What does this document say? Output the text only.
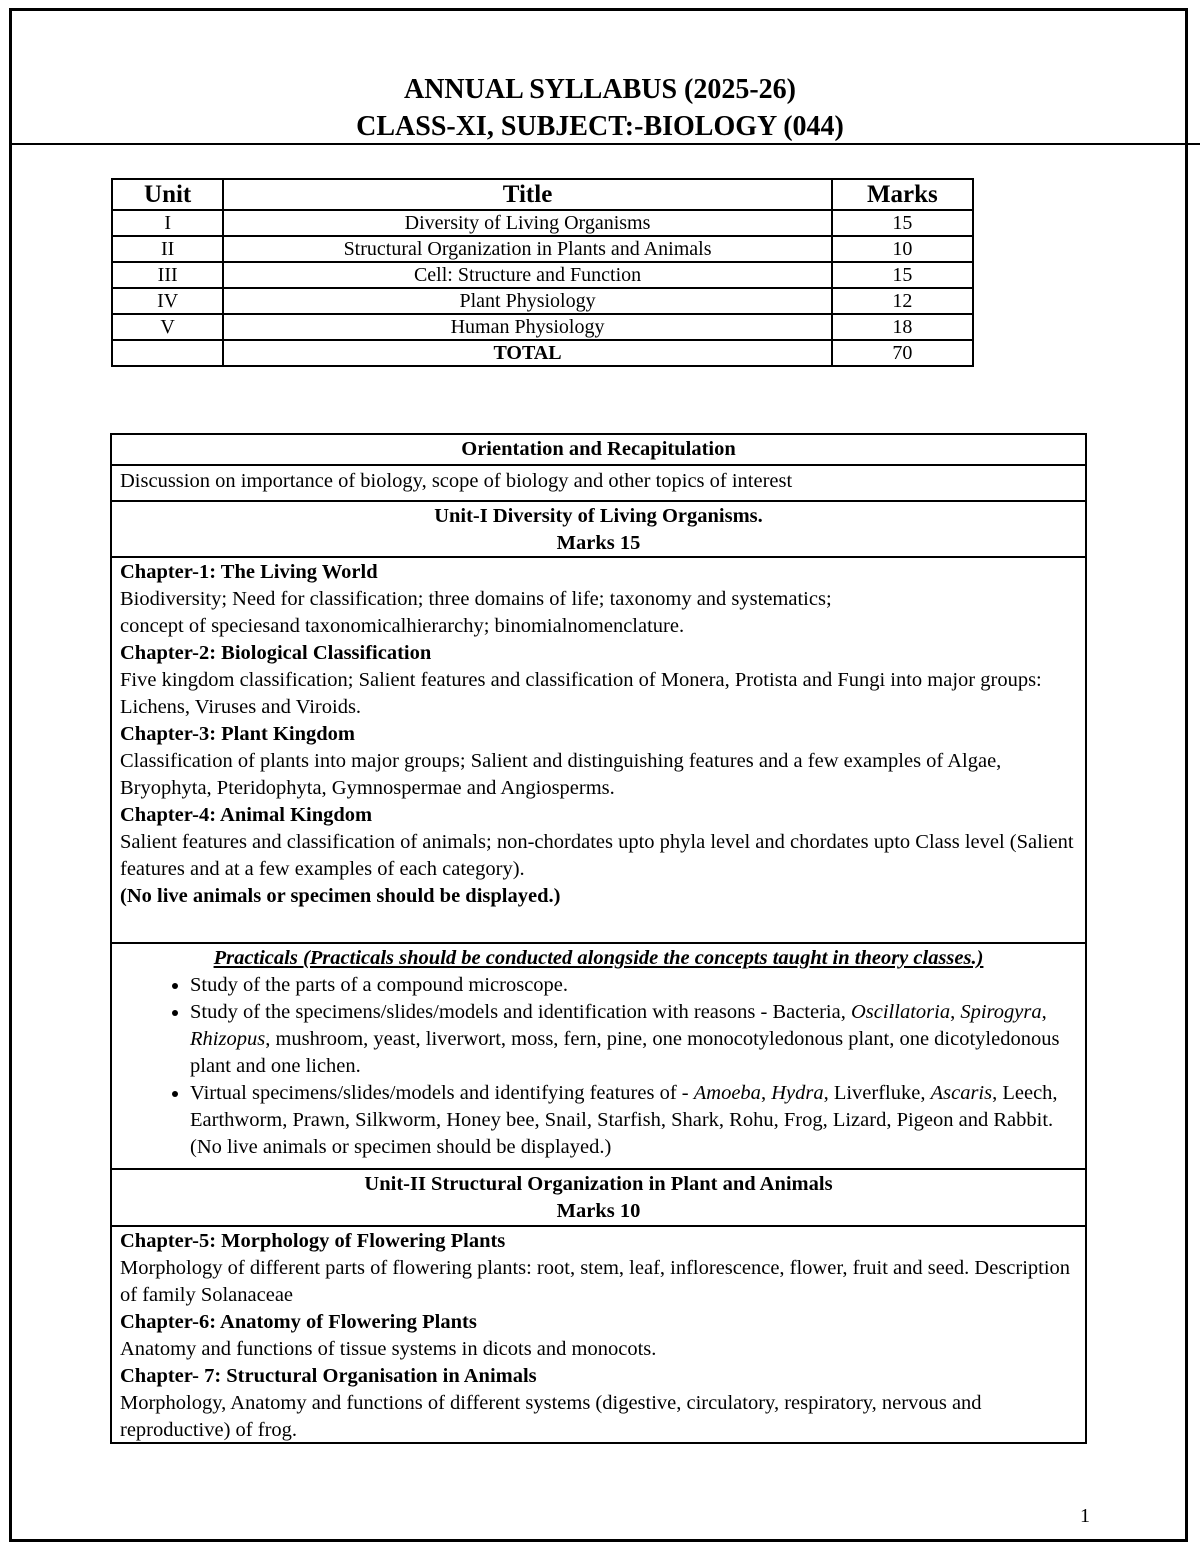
ANNUAL SYLLABUS (2025-26)
CLASS-XI, SUBJECT:-BIOLOGY (044)
Unit	Title	Marks
I	Diversity of Living Organisms	15
II	Structural Organization in Plants and Animals	10
III	Cell: Structure and Function	15
IV	Plant Physiology	12
V	Human Physiology	18
	TOTAL	70
Orientation and Recapitulation
Discussion on importance of biology, scope of biology and other topics of interest
Unit-I Diversity of Living Organisms.
Marks 15
Chapter-1: The Living World
Biodiversity; Need for classification; three domains of life; taxonomy and systematics;
concept of speciesand taxonomicalhierarchy; binomialnomenclature.
Chapter-2: Biological Classification
Five kingdom classification; Salient features and classification of Monera, Protista and Fungi into major groups: Lichens, Viruses and Viroids.
Chapter-3: Plant Kingdom
Classification of plants into major groups; Salient and distinguishing features and a few examples of Algae, Bryophyta, Pteridophyta, Gymnospermae and Angiosperms.
Chapter-4: Animal Kingdom
Salient features and classification of animals; non-chordates upto phyla level and chordates upto Class level (Salient features and at a few examples of each category).
(No live animals or specimen should be displayed.)
Practicals (Practicals should be conducted alongside the concepts taught in theory classes.)
• Study of the parts of a compound microscope.
• Study of the specimens/slides/models and identification with reasons - Bacteria, Oscillatoria, Spirogyra, Rhizopus, mushroom, yeast, liverwort, moss, fern, pine, one monocotyledonous plant, one dicotyledonous plant and one lichen.
• Virtual specimens/slides/models and identifying features of - Amoeba, Hydra, Liverfluke, Ascaris, Leech, Earthworm, Prawn, Silkworm, Honey bee, Snail, Starfish, Shark, Rohu, Frog, Lizard, Pigeon and Rabbit. (No live animals or specimen should be displayed.)
Unit-II Structural Organization in Plant and Animals
Marks 10
Chapter-5: Morphology of Flowering Plants
Morphology of different parts of flowering plants: root, stem, leaf, inflorescence, flower, fruit and seed. Description of family Solanaceae
Chapter-6: Anatomy of Flowering Plants
Anatomy and functions of tissue systems in dicots and monocots.
Chapter- 7: Structural Organisation in Animals
Morphology, Anatomy and functions of different systems (digestive, circulatory, respiratory, nervous and reproductive) of frog.
1
